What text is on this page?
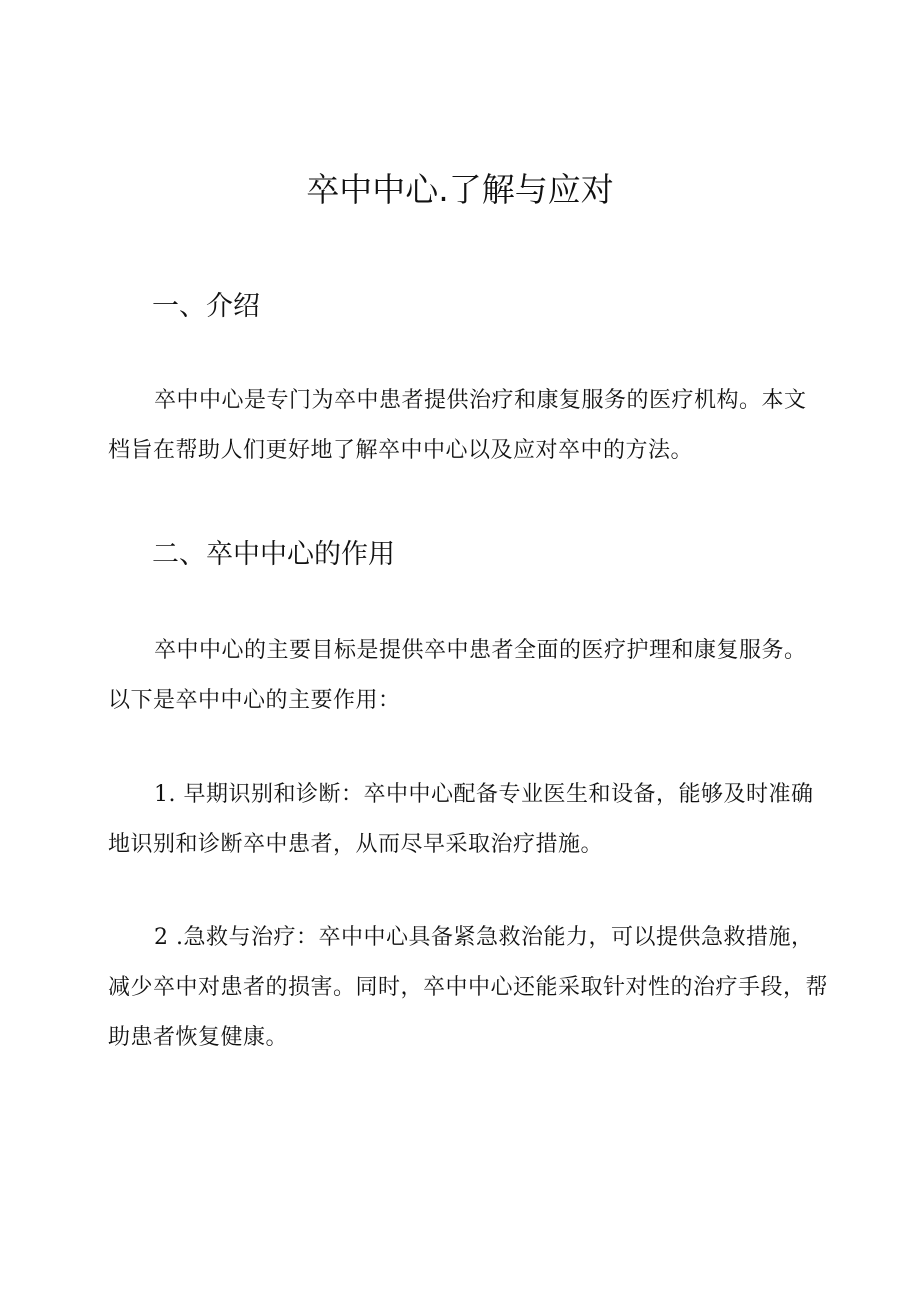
卒中中心.了解与应对
一、介绍

卒中中心是专门为卒中患者提供治疗和康复服务的医疗机构。本文档旨在帮助人们更好地了解卒中中心以及应对卒中的方法。

二、卒中中心的作用

卒中中心的主要目标是提供卒中患者全面的医疗护理和康复服务。以下是卒中中心的主要作用：

1. 早期识别和诊断：卒中中心配备专业医生和设备，能够及时准确地识别和诊断卒中患者，从而尽早采取治疗措施。

2 .急救与治疗：卒中中心具备紧急救治能力，可以提供急救措施，减少卒中对患者的损害。同时，卒中中心还能采取针对性的治疗手段，帮助患者恢复健康。
